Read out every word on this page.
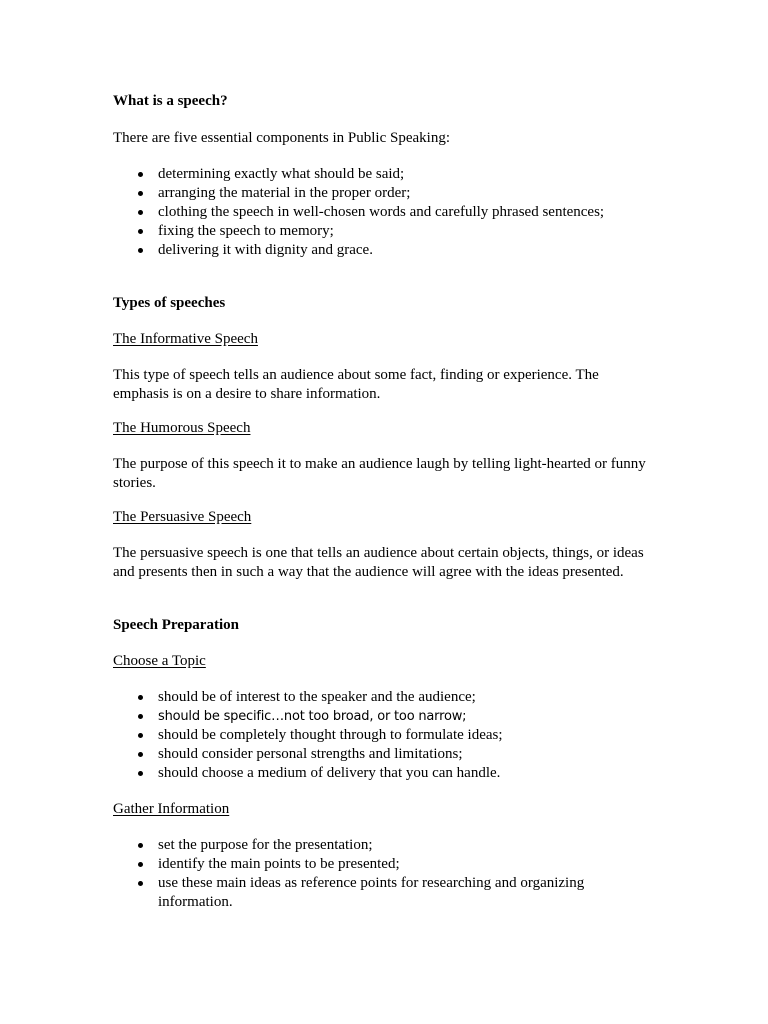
What is a speech?

There are five essential components in Public Speaking:

determining exactly what should be said;
arranging the material in the proper order;
clothing the speech in well-chosen words and carefully phrased sentences;
fixing the speech to memory;
delivering it with dignity and grace.

Types of speeches

The Informative Speech

This type of speech tells an audience about some fact, finding or experience. The emphasis is on a desire to share information.

The Humorous Speech

The purpose of this speech it to make an audience laugh by telling light-hearted or funny stories.

The Persuasive Speech

The persuasive speech is one that tells an audience about certain objects, things, or ideas and presents then in such a way that the audience will agree with the ideas presented.

Speech Preparation

Choose a Topic

should be of interest to the speaker and the audience;
should be specific…not too broad, or too narrow;
should be completely thought through to formulate ideas;
should consider personal strengths and limitations;
should choose a medium of delivery that you can handle.

Gather Information

set the purpose for the presentation;
identify the main points to be presented;
use these main ideas as reference points for researching and organizing information.
